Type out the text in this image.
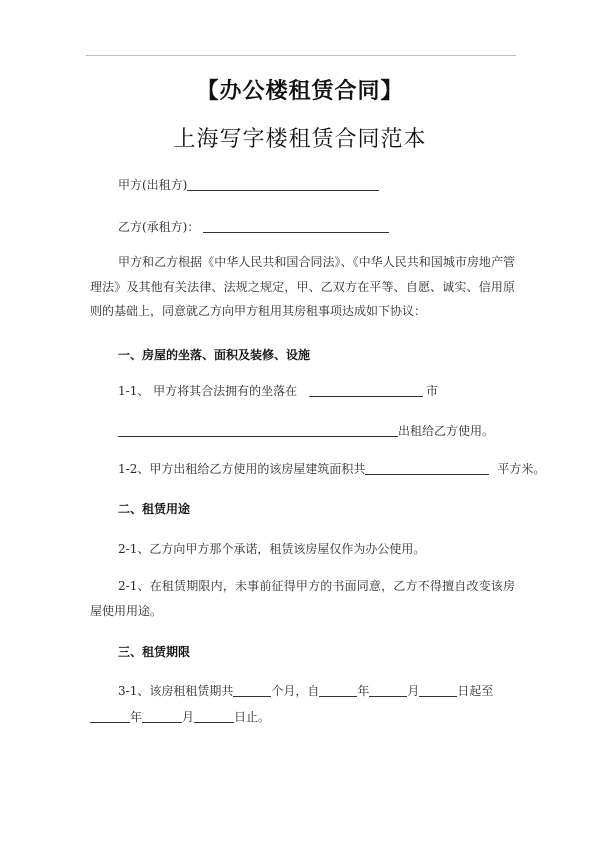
【办公楼租赁合同】
上海写字楼租赁合同范本
甲方(出租方)
乙方(承租方)：
甲方和乙方根据《中华人民共和国合同法》、《中华人民共和国城市房地产管理法》及其他有关法律、法规之规定，甲、乙双方在平等、自愿、诚实、信用原则的基础上，同意就乙方向甲方租用其房租事项达成如下协议：
一、房屋的坐落、面积及装修、设施
1-1、 甲方将其合法拥有的坐落在	市
出租给乙方使用。
1-2、甲方出租给乙方使用的该房屋建筑面积共	平方米。
二、租赁用途
2-1、乙方向甲方那个承诺，租赁该房屋仅作为办公使用。
2-1、在租赁期限内，未事前征得甲方的书面同意，乙方不得擅自改变该房屋使用用途。
三、租赁期限
3-1、该房租租赁期共	个月，自	年	月	日起至
年	月	日止。
